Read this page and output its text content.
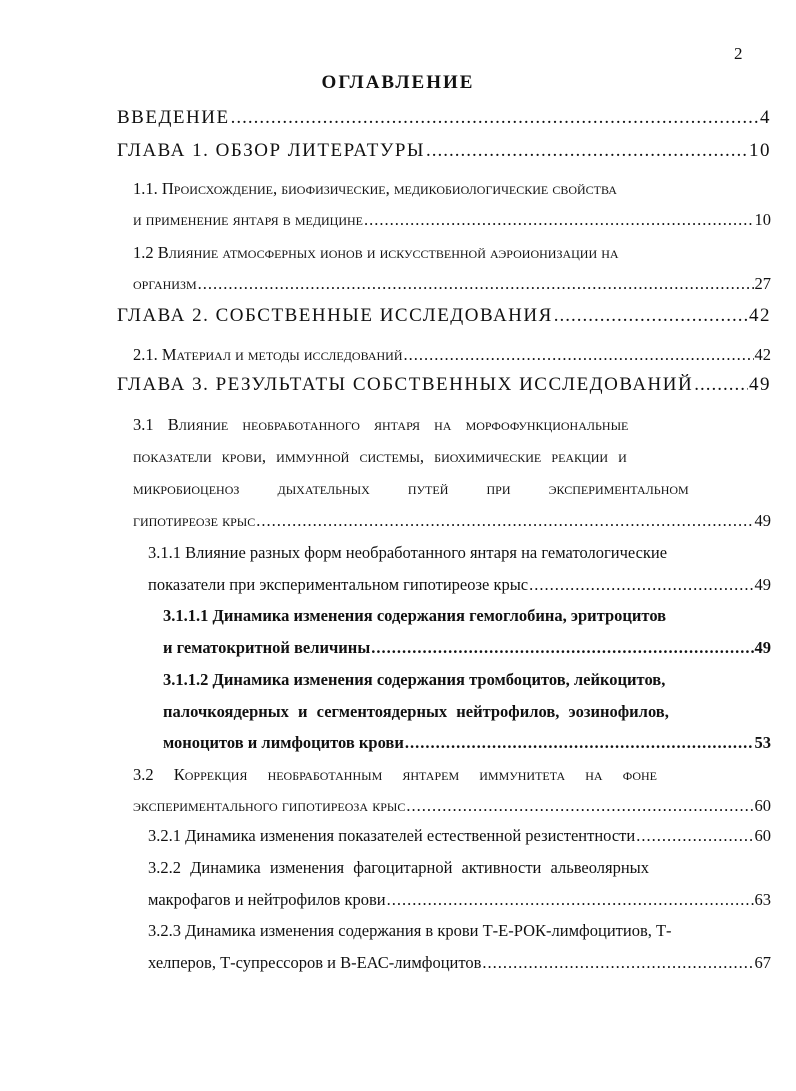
2
ОГЛАВЛЕНИЕ
ВВЕДЕНИЕ .....	4
ГЛАВА 1. ОБЗОР ЛИТЕРАТУРЫ .....	10
1.1. Происхождение, биофизические, медикобиологические свойства
и применение янтаря в медицине .....	10
1.2 Влияние атмосферных ионов и искусственной аэроионизации на
организм .....	27
ГЛАВА 2. СОБСТВЕННЫЕ ИССЛЕДОВАНИЯ .....	42
2.1. Материал и методы исследований .....	42
ГЛАВА 3. РЕЗУЛЬТАТЫ СОБСТВЕННЫХ ИССЛЕДОВАНИЙ .....	49
3.1 Влияние необработанного янтаря на морфофункциональные
показатели крови, иммунной системы, биохимические реакции и
микробиоценоз дыхательных путей при экспериментальном
гипотиреозе крыс .....	49
3.1.1 Влияние разных форм необработанного янтаря на гематологические
показатели при экспериментальном гипотиреозе крыс .....	49
3.1.1.1 Динамика изменения содержания гемоглобина, эритроцитов
и гематокритной величины .....	49
3.1.1.2 Динамика изменения содержания тромбоцитов, лейкоцитов,
палочкоядерных и сегментоядерных нейтрофилов, эозинофилов,
моноцитов и лимфоцитов крови .....	53
3.2 Коррекция необработанным янтарем иммунитета на фоне
экспериментального гипотиреоза крыс .....	60
3.2.1 Динамика изменения показателей естественной резистентности .....	60
3.2.2 Динамика изменения фагоцитарной активности альвеолярных
макрофагов и нейтрофилов крови .....	63
3.2.3 Динамика изменения содержания в крови Т-Е-РОК-лимфоцитиов, Т-
хелперов, Т-супрессоров и В-ЕАС-лимфоцитов .....	67
